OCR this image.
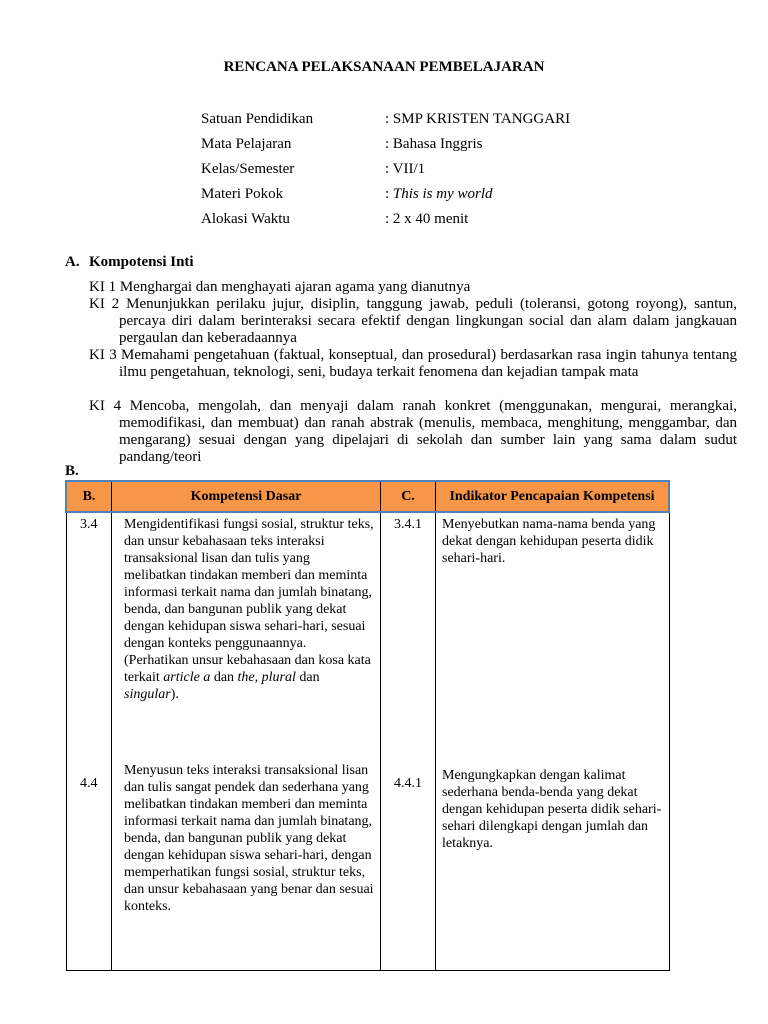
RENCANA PELAKSANAAN PEMBELAJARAN
Satuan Pendidikan	: SMP KRISTEN TANGGARI
Mata Pelajaran	: Bahasa Inggris
Kelas/Semester	: VII/1
Materi Pokok	: This is my world
Alokasi Waktu	: 2 x 40 menit
A. Kompotensi Inti
KI 1 Menghargai dan menghayati ajaran agama yang dianutnya
KI 2 Menunjukkan perilaku jujur, disiplin, tanggung jawab, peduli (toleransi, gotong royong), santun, percaya diri dalam berinteraksi secara efektif dengan lingkungan social dan alam dalam jangkauan pergaulan dan keberadaannya
KI 3 Memahami pengetahuan (faktual, konseptual, dan prosedural) berdasarkan rasa ingin tahunya tentang ilmu pengetahuan, teknologi, seni, budaya terkait fenomena dan kejadian tampak mata
KI 4 Mencoba, mengolah, dan menyaji dalam ranah konkret (menggunakan, mengurai, merangkai, memodifikasi, dan membuat) dan ranah abstrak (menulis, membaca, menghitung, menggambar, dan mengarang) sesuai dengan yang dipelajari di sekolah dan sumber lain yang sama dalam sudut pandang/teori
B.
B.	Kompetensi Dasar	C.	Indikator Pencapaian Kompetensi
3.4	Mengidentifikasi fungsi sosial, struktur teks, dan unsur kebahasaan teks interaksi transaksional lisan dan tulis yang melibatkan tindakan memberi dan meminta informasi terkait nama dan jumlah binatang, benda, dan bangunan publik yang dekat dengan kehidupan siswa sehari-hari, sesuai dengan konteks penggunaannya. (Perhatikan unsur kebahasaan dan kosa kata terkait article a dan the, plural dan singular).	3.4.1	Menyebutkan nama-nama benda yang dekat dengan kehidupan peserta didik sehari-hari.

4.4	Menyusun teks interaksi transaksional lisan dan tulis sangat pendek dan sederhana yang melibatkan tindakan memberi dan meminta informasi terkait nama dan jumlah binatang, benda, dan bangunan publik yang dekat dengan kehidupan siswa sehari-hari, dengan memperhatikan fungsi sosial, struktur teks, dan unsur kebahasaan yang benar dan sesuai konteks.	4.4.1	Mengungkapkan dengan kalimat sederhana benda-benda yang dekat dengan kehidupan peserta didik sehari-sehari dilengkapi dengan jumlah dan letaknya.
